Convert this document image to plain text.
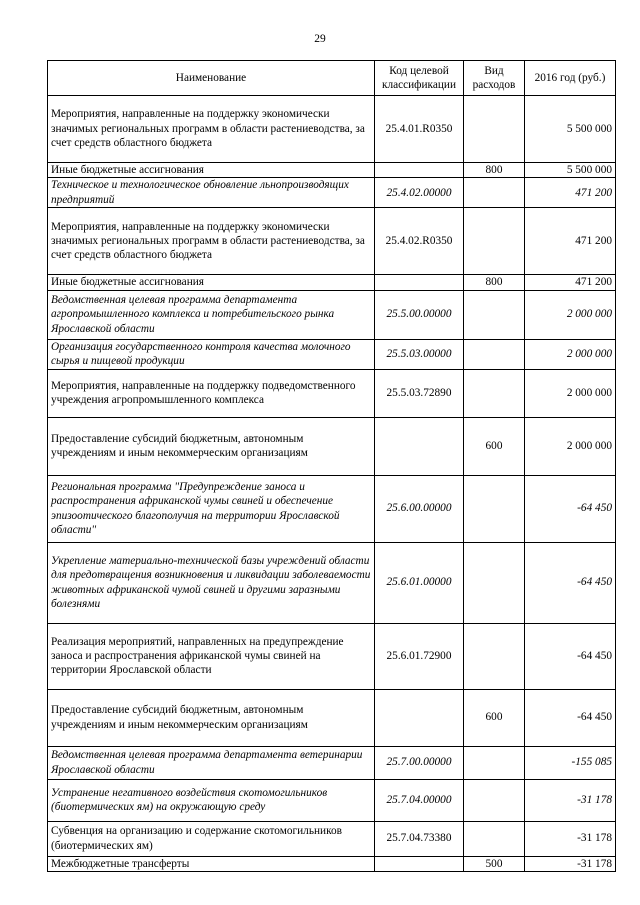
29
Наименование	Код целевой классификации	Вид расходов	2016 год (руб.)
Мероприятия, направленные на поддержку экономически значимых региональных программ в области растениеводства, за счет средств областного бюджета	25.4.01.R0350		5 500 000
Иные бюджетные ассигнования		800	5 500 000
Техническое и технологическое обновление льнопроизводящих предприятий	25.4.02.00000		471 200
Мероприятия, направленные на поддержку экономически значимых региональных программ в области растениеводства, за счет средств областного бюджета	25.4.02.R0350		471 200
Иные бюджетные ассигнования		800	471 200
Ведомственная целевая программа департамента агропромышленного комплекса и потребительского рынка Ярославской области	25.5.00.00000		2 000 000
Организация государственного контроля качества молочного сырья и пищевой продукции	25.5.03.00000		2 000 000
Мероприятия, направленные на поддержку подведомственного учреждения агропромышленного комплекса	25.5.03.72890		2 000 000
Предоставление субсидий бюджетным, автономным учреждениям и иным некоммерческим организациям		600	2 000 000
Региональная программа "Предупреждение заноса и распространения африканской чумы свиней и обеспечение эпизоотического благополучия на территории Ярославской области"	25.6.00.00000		-64 450
Укрепление материально-технической базы учреждений области для предотвращения возникновения и ликвидации заболеваемости животных африканской чумой свиней и другими заразными болезнями	25.6.01.00000		-64 450
Реализация мероприятий, направленных на предупреждение заноса и распространения африканской чумы свиней на территории Ярославской области	25.6.01.72900		-64 450
Предоставление субсидий бюджетным, автономным учреждениям и иным некоммерческим организациям		600	-64 450
Ведомственная целевая программа департамента ветеринарии Ярославской области	25.7.00.00000		-155 085
Устранение негативного воздействия скотомогильников (биотермических ям) на окружающую среду	25.7.04.00000		-31 178
Субвенция на организацию и содержание скотомогильников (биотермических ям)	25.7.04.73380		-31 178
Межбюджетные трансферты		500	-31 178
